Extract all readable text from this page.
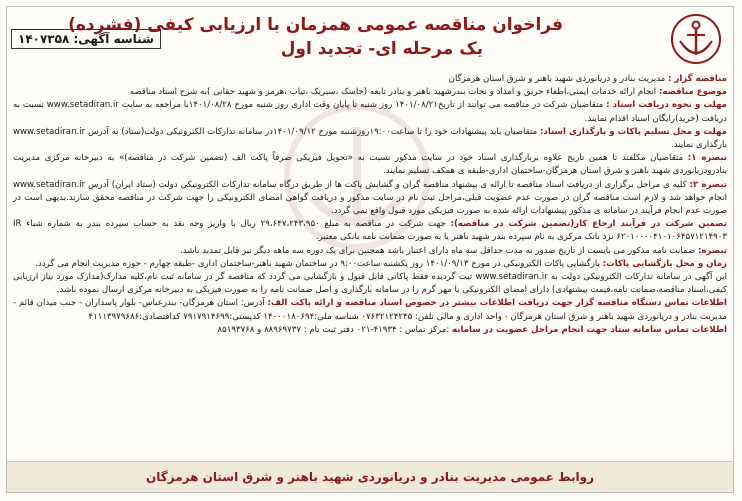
فراخوان مناقصه عمومی همزمان با ارزیابی کیفی (فشرده)
یک مرحله ای- تجدید اول
شناسه آگهی: ۱۴۰۷۳۵۸

مناقصه گزار : مدیریت بنادر و دریانوردی شهید باهنر و شرق استان هرمزگان

موضوع مناقصه: انجام ارائه خدمات ایمنی،اطفاء حریق و امداد و نجات بندرشهید باهنر و بنادر تابعه (جاسک ،سیریک ،تیاب ،هرمز و شهید حقانی )به شرح اسناد مناقصه

مهلت و نحوه دریافت اسناد : متقاضیان شرکت در مناقصه می توانند از تاریخ۱۴۰۱/۰۸/۲۱ روز شنبه تا پایان وقت اداری روز شنبه مورخ ۱۴۰۱/۰۸/۲۸با مراجعه به سایت www.setadiran.ir نسبت به دریافت (خرید)رایگان اسناد اقدام نمایند.

مهلت و محل تسلیم پاکات و بارگذاری اسناد: متقاضیان باید پیشنهادات خود را تا ساعت۱۹:۰۰روزشنبه مورخ ۱۴۰۱/۰۹/۱۲در سامانه تدارکات الکترونیکی دولت(ستاد) به آدرس www.setadiran.ir بارگذاری نمایند.

تبصره ۱: متقاضیان مکلفند تا همین تاریخ علاوه بربارگذاری اسناد خود در سایت مذکور نسبت به «تحویل فیزیکی صرفاً پاکت الف (تضمین شرکت در مناقصه)» به دبیرخانه مرکزی مدیریت بنادرودریانوردی شهید باهنر و شرق استان هرمزگان-ساختمان اداری-طبقه ی همکف تسلیم نمایند.

تبصره ۲: کلیه ی مراحل برگزاری از دریافت اسناد مناقصه تا ارائه ی پیشنهاد مناقصه گران و گشایش پاکت ها از طریق درگاه سامانه تدارکات الکترونیکی دولت (ستاد ایران) آدرس www.setadiran.ir انجام خواهد شد و لازم است مناقصه گران در صورت عدم عضویت قبلی،مراحل ثبت نام در سایت مذکور و دریافت گواهی امضای الکترونیکی را جهت شرکت در مناقصه محقق سازند.بدیهی است در صورت عدم انجام فرآیند در سامانه ی مذکور پیشنهادات ارائه شده به صورت فیزیکی مورد قبول واقع نمی گردد.

تضمین شرکت در فرآیند ارجاع کار(تضمین شرکت در مناقصه): جهت شرکت در مناقصه به مبلغ ۲۹،۶۴۷،۲۴۳،۹۵۰ ریال با واریز وجه نقد به حساب سپرده بندر به شماره شباء IR ۶۲۰۱۰۰۰۰۴۱۰۱۰۶۴۵۷۱۲۱۴۹۰۳ نزد بانک مرکزی به نام سپرده بندر شهید باهنر یا به صورت ضمانت نامه بانکی معتبر.

تبصره: ضمانت نامه مذکور می بایست از تاریخ صدور به مدت حداقل سه ماه دارای اعتبار باشد همچنین برای یک دوره سه ماهه دیگر نیز قابل تمدید باشد.

زمان و محل بازگشایی پاکات: بازگشایی پاکات الکترونیکی در مورخ ۱۴۰۱/۰۹/۱۳ روز یکشنبه ساعت۹:۰۰ در ساختمان شهید باهنر-ساختمان اداری -طبقه چهارم - حوزه مدیریت انجام می گردد.

این آگهی در سامانه تدارکات الکترونیکی دولت به www.setadiran.ir ثبت گردیده فقط پاکاتی قابل قبول و بازگشایی می گردد که مناقصه گر در سامانه ثبت نام،کلیه مدارک(مدارک مورد نیاز ارزیابی کیفی،اسناد مناقصه،ضمانت نامه،قیمت پیشنهادی) دارای امضای الکترونیکی با مهر گرم را در سامانه بارگذاری و اصل ضمانت نامه را به صورت فیزیکی به دبیرخانه مرکزی ارسال نموده باشد.

اطلاعات تماس دستگاه مناقصه گزار جهت دریافت اطلاعات بیشتر در خصوص اسناد مناقصه و ارائه پاکت الف: آدرس: استان هرمزگان- بندرعباس- بلوار پاسداران - جنب میدان قائم - مدیریت بنادر و دریانوردی شهید باهنر و شرق استان هرمزگان - واحد اداری و مالی تلفن: ۰۷۶۳۲۱۲۴۲۴۵ شناسه ملی:۱۴۰۰۰۱۸۰۶۹۴ کدپستی:۷۹۱۷۹۱۴۶۹۹ کداقتصادی:۴۱۱۱۳۹۷۹۶۸۶

اطلاعات تماس سامانه ستاد جهت انجام مراحل عضویت در سامانه :مرکز تماس : ۴۱۹۳۴-۰۲۱ دفتر ثبت نام : ۸۸۹۶۹۷۳۷ و ۸۵۱۹۳۷۶۸

روابط عمومی مدیریت بنادر و دریانوردی شهید باهنر و شرق استان هرمزگان
